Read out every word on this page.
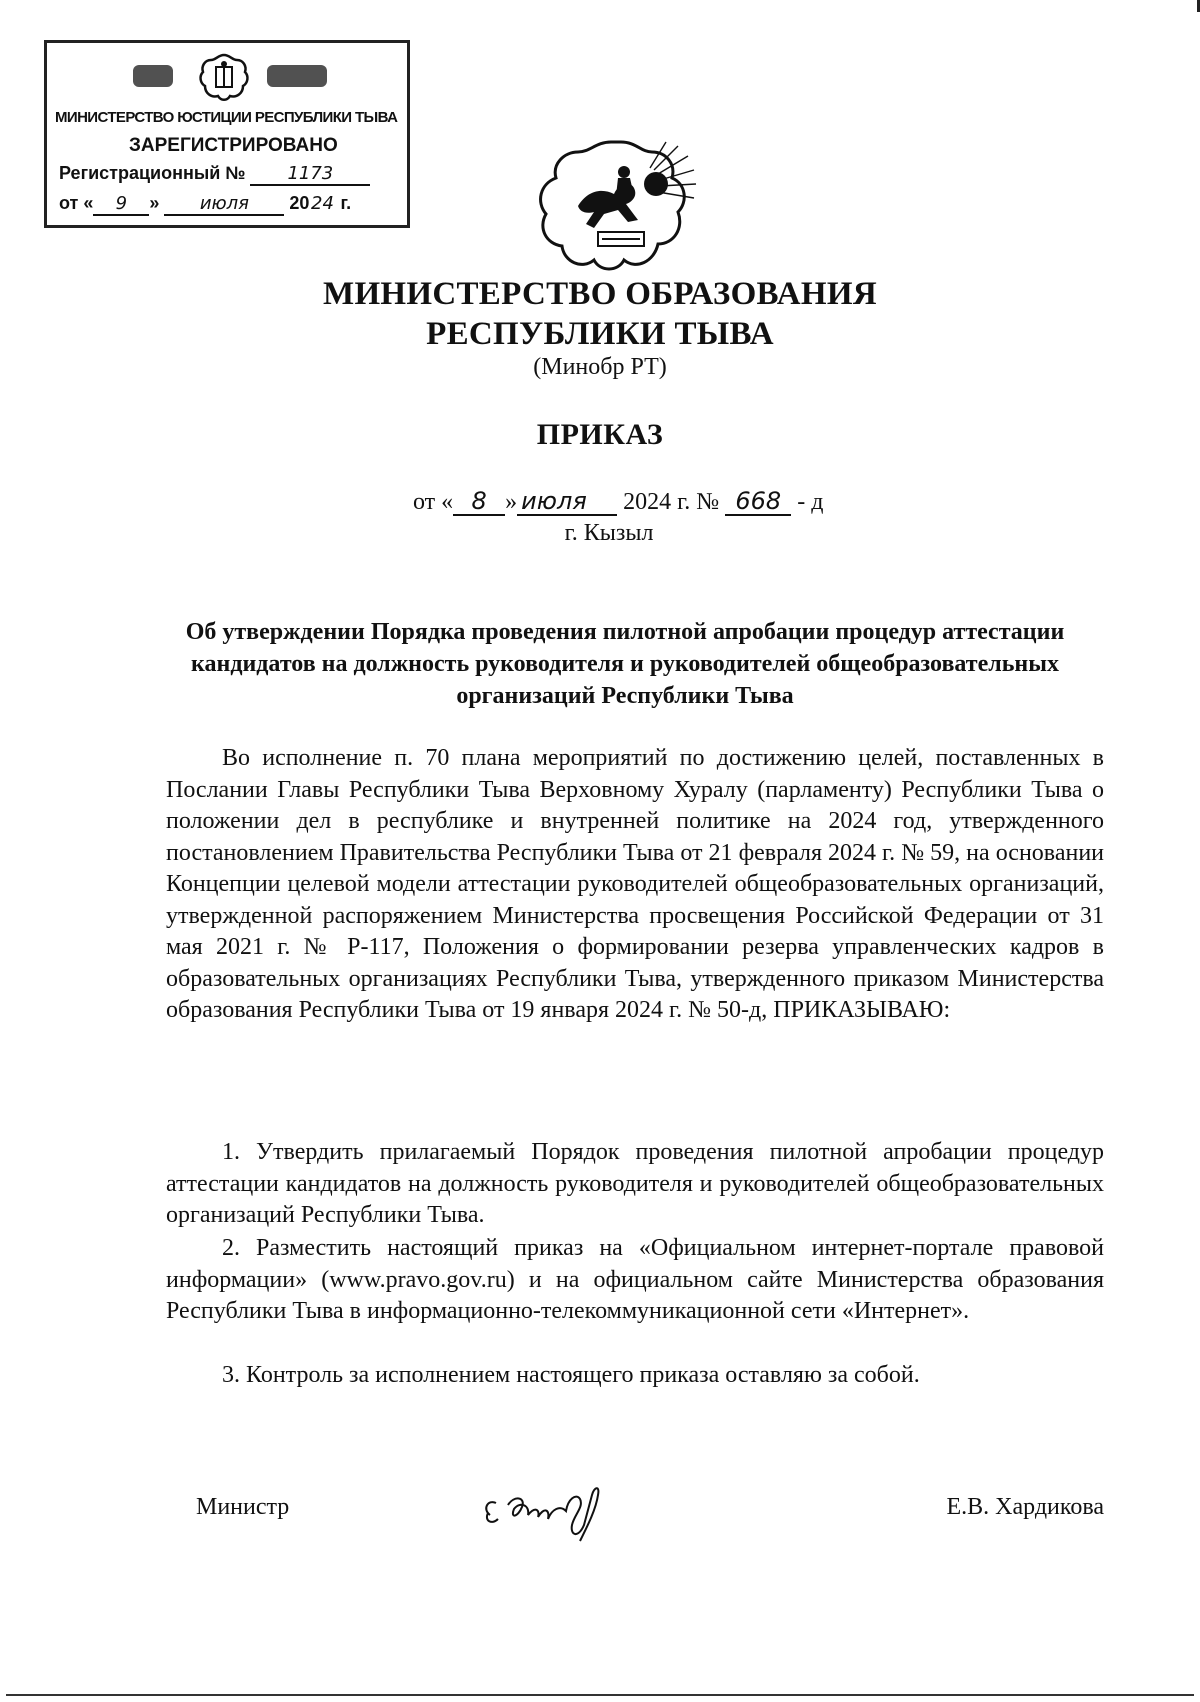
МИНИСТЕРСТВО ЮСТИЦИИ РЕСПУБЛИКИ ТЫВА
ЗАРЕГИСТРИРОВАНО
Регистрационный № 1173
от « 9 » июля 2024 г.
МИНИСТЕРСТВО ОБРАЗОВАНИЯ
РЕСПУБЛИКИ ТЫВА
(Минобр РТ)
ПРИКАЗ
от « 8 » июля 2024 г. № 668 - д
г. Кызыл
Об утверждении Порядка проведения пилотной апробации процедур аттестации кандидатов на должность руководителя и руководителей общеобразовательных организаций Республики Тыва

Во исполнение п. 70 плана мероприятий по достижению целей, поставленных в Послании Главы Республики Тыва Верховному Хуралу (парламенту) Республики Тыва о положении дел в республике и внутренней политике на 2024 год, утвержденного постановлением Правительства Республики Тыва от 21 февраля 2024 г. № 59, на основании Концепции целевой модели аттестации руководителей общеобразовательных организаций, утвержденной распоряжением Министерства просвещения Российской Федерации от 31 мая 2021 г. № Р-117, Положения о формировании резерва управленческих кадров в образовательных организациях Республики Тыва, утвержденного приказом Министерства образования Республики Тыва от 19 января 2024 г. № 50-д, ПРИКАЗЫВАЮ:

1. Утвердить прилагаемый Порядок проведения пилотной апробации процедур аттестации кандидатов на должность руководителя и руководителей общеобразовательных организаций Республики Тыва.

2. Разместить настоящий приказ на «Официальном интернет-портале правовой информации» (www.pravo.gov.ru) и на официальном сайте Министерства образования Республики Тыва в информационно-телекоммуникационной сети «Интернет».

3. Контроль за исполнением настоящего приказа оставляю за собой.

Министр	Е.В. Хардикова
